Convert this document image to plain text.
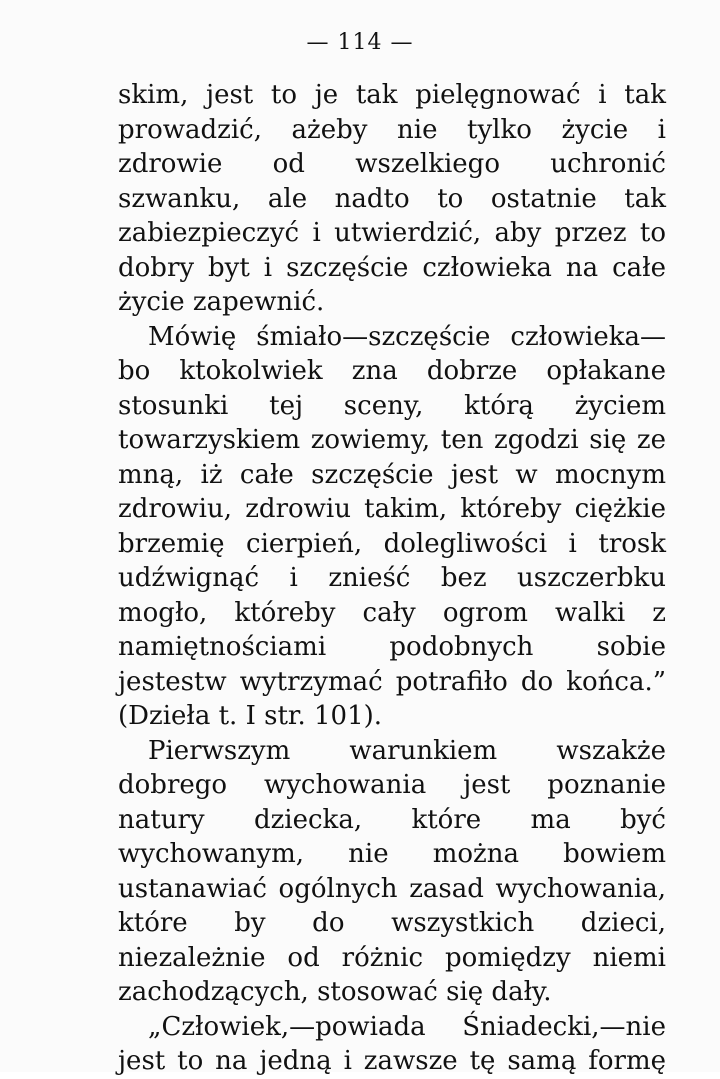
— 114 —

skim, jest to je tak pielęgnować i tak prowadzić, ażeby nie tylko życie i zdrowie od wszelkiego uchronić szwanku, ale nadto to ostatnie tak zabiezpieczyć i utwierdzić, aby przez to dobry byt i szczęście człowieka na całe życie zapewnić.

Mówię śmiało—szczęście człowieka—bo ktokolwiek zna dobrze opłakane stosunki tej sceny, którą życiem towarzyskiem zowiemy, ten zgodzi się ze mną, iż całe szczęście jest w mocnym zdrowiu, zdrowiu takim, któreby ciężkie brzemię cierpień, dolegliwości i trosk udźwignąć i znieść bez uszczerbku mogło, któreby cały ogrom walki z namiętnościami podobnych sobie jestestw wytrzymać potrafiło do końca.” (Dzieła t. I str. 101).

Pierwszym warunkiem wszakże dobrego wychowania jest poznanie natury dziecka, które ma być wychowanym, nie można bowiem ustanawiać ogólnych zasad wychowania, które by do wszystkich dzieci, niezależnie od różnic pomiędzy niemi zachodzących, stosować się dały.

„Człowiek,—powiada Śniadecki,—nie jest to na jedną i zawsze tę samą formę
